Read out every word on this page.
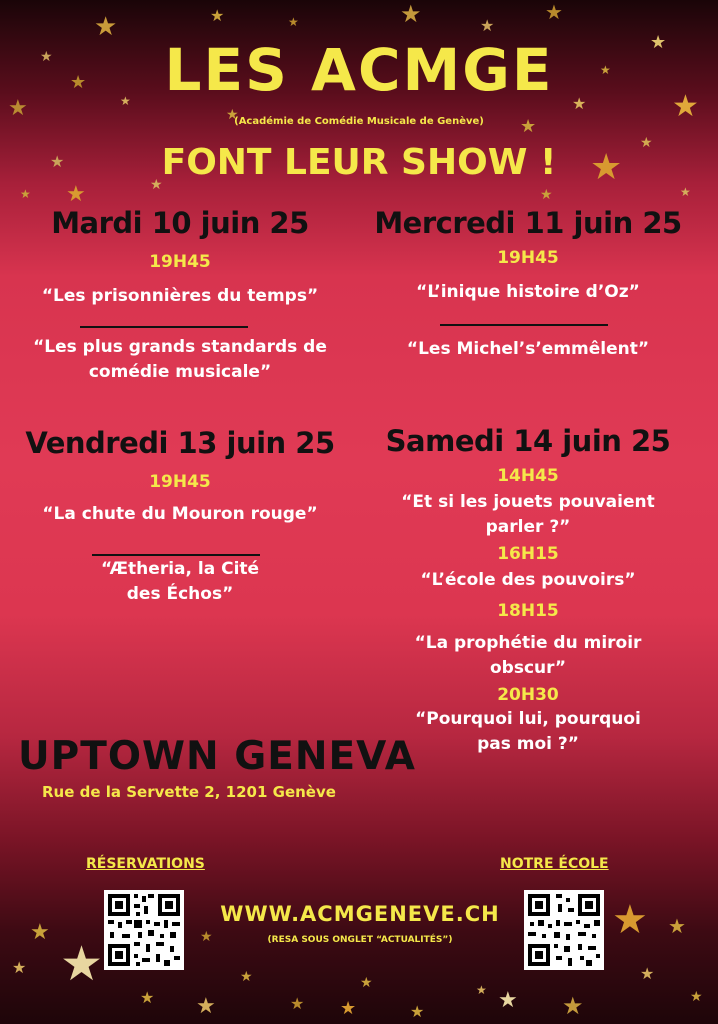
★
★
★
★
★
★	★	★	★
★
★
★
★	★
★
★
★
★
★
★
★
★
★	★
★
★ ★
★ ★
★
★
★
★	★
★ ★ ★
★ ★
★
★
★
LES ACMGE
(Académie de Comédie Musicale de Genève)
FONT LEUR SHOW !
Mardi 10 juin 25
19H45
“Les prisonnières du temps”
“Les plus grands standards de
comédie musicale”
Mercredi 11 juin 25
19H45
“L’inique histoire d’Oz”
“Les Michel’s’emmêlent”
Vendredi 13 juin 25
19H45
“La chute du Mouron rouge”
“Ætheria, la Cité
des Échos”
Samedi 14 juin 25
14H45
“Et si les jouets pouvaient
parler ?”
16H15
“L’école des pouvoirs”
18H15
“La prophétie du miroir
obscur”
20H30
“Pourquoi lui, pourquoi
pas moi ?”
UPTOWN GENEVA
Rue de la Servette 2, 1201 Genève
RÉSERVATIONS	NOTRE ÉCOLE
WWW.ACMGENEVE.CH
(RESA SOUS ONGLET “ACTUALITÉS”)
